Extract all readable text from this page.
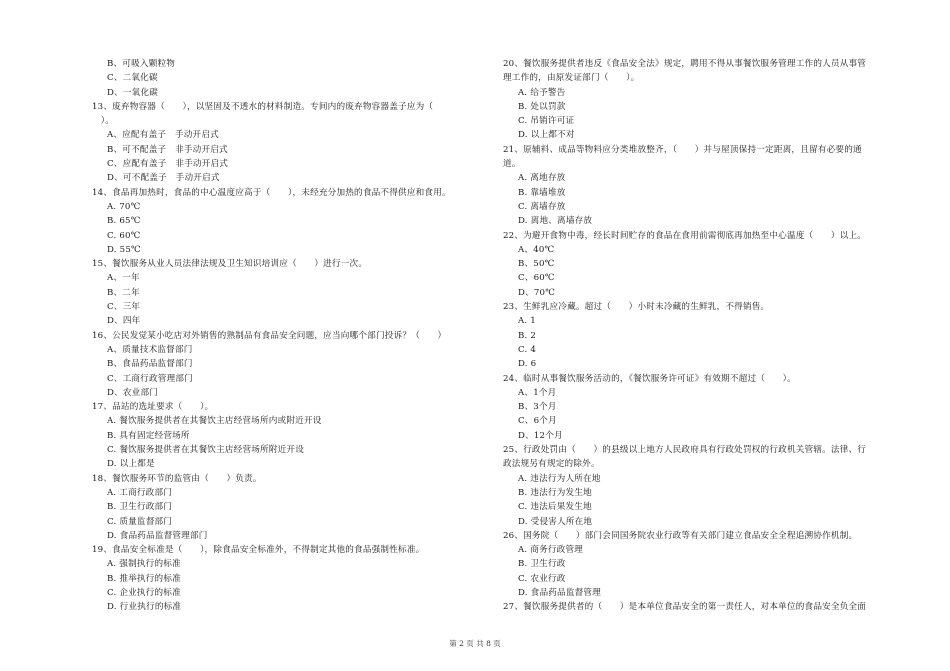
B、可吸入颗粒物
C、二氧化碳
D、一氧化碳
13、废弃物容器（　　），以坚固及不透水的材料制造。专间内的废弃物容器盖子应为（
　）。
A、应配有盖子　手动开启式
B、可不配盖子　非手动开启式
C、应配有盖子　非手动开启式
D、可不配盖子　手动开启式
14、食品再加热时，食品的中心温度应高于（　　），未经充分加热的食品不得供应和食用。
A. 70℃
B. 65℃
C. 60℃
D. 55℃
15、餐饮服务从业人员法律法规及卫生知识培训应（　　）进行一次。
A、一年
B、二年
C、三年
D、四年
16、公民发觉某小吃店对外销售的熟制品有食品安全问题，应当向哪个部门投诉？（　　）
A、质量技术监督部门
B、食品药品监督部门
C、工商行政管理部门
D、农业部门
17、品站的选址要求（　　）。
A. 餐饮服务提供者在其餐饮主店经营场所内或附近开设
B. 具有固定经营场所
C. 餐饮服务提供者在其餐饮主店经营场所附近开设
D. 以上都是
18、餐饮服务环节的监管由（　　）负责。
A. 工商行政部门
B. 卫生行政部门
C. 质量监督部门
D. 食品药品监督管理部门
19、食品安全标准是（　　），除食品安全标准外，不得制定其他的食品强制性标准。
A. 强制执行的标准
B. 推举执行的标准
C. 企业执行的标准
D. 行业执行的标准
20、餐饮服务提供者违反《食品安全法》规定，聘用不得从事餐饮服务管理工作的人员从事管
理工作的，由原发证部门（　　）。
A. 给予警告
B. 处以罚款
C. 吊销许可证
D. 以上都不对
21、原辅料、成品等物料应分类堆放整齐，（　　）并与屋顶保持一定距离，且留有必要的通
道。
A. 离地存放
B. 靠墙堆放
C. 离墙存放
D. 离地、离墙存放
22、为避开食物中毒，经长时间贮存的食品在食用前需彻底再加热至中心温度（　　）以上。
A、40℃
B、50℃
C、60℃
D、70℃
23、生鲜乳应冷藏。超过（　　）小时未冷藏的生鲜乳，不得销售。
A. 1
B. 2
C. 4
D. 6
24、临时从事餐饮服务活动的，《餐饮服务许可证》有效期不超过（　　）。
A、1个月
B、3个月
C、6个月
D、12个月
25、行政处罚由（　　）的县级以上地方人民政府具有行政处罚权的行政机关管辖。法律、行
政法规另有规定的除外。
A. 违法行为人所在地
B. 违法行为发生地
C. 违法后果发生地
D. 受侵害人所在地
26、国务院（　　）部门会同国务院农业行政等有关部门建立食品安全全程追溯协作机制。
A. 商务行政管理
B. 卫生行政
C. 农业行政
D. 食品药品监督管理
27、餐饮服务提供者的（　　）是本单位食品安全的第一责任人，对本单位的食品安全负全面
第 2 页 共 8 页
